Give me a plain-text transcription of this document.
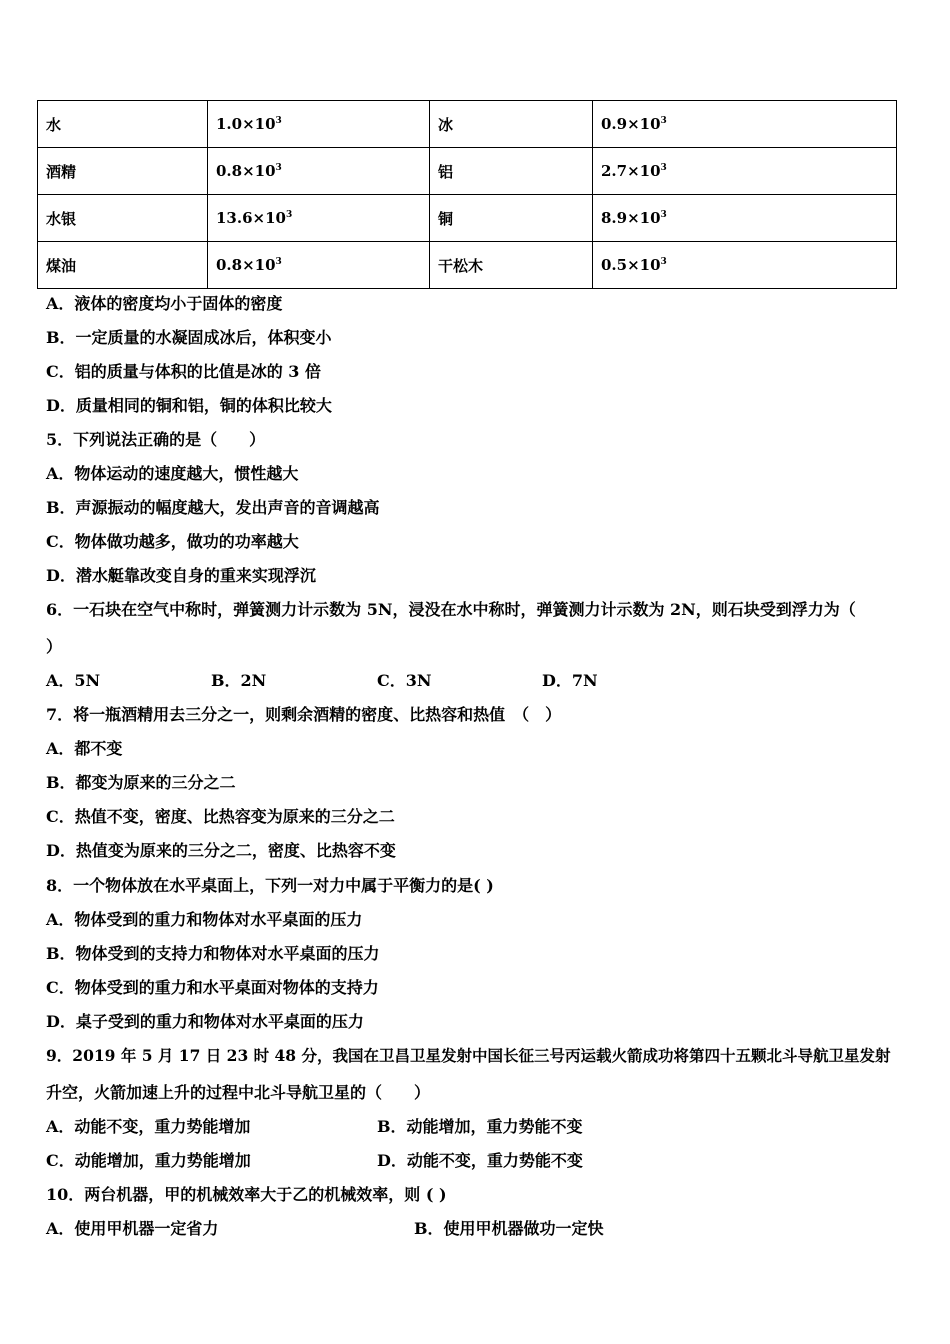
水	$1.0\times 10^3$	冰	$0.9\times 10^3$
酒精	$0.8\times 10^3$	铝	$2.7\times 10^3$
水银	$13.6\times 10^3$	铜	$8.9\times 10^3$
煤油	$0.8\times 10^3$	干松木	$0.5\times 10^3$
A．液体的密度均小于固体的密度
B．一定质量的水凝固成冰后，体积变小
C．铝的质量与体积的比值是冰的 3 倍
D．质量相同的铜和铝，铜的体积比较大
5．下列说法正确的是（　　）
A．物体运动的速度越大，惯性越大
B．声源振动的幅度越大，发出声音的音调越高
C．物体做功越多，做功的功率越大
D．潜水艇靠改变自身的重来实现浮沉
6．一石块在空气中称时，弹簧测力计示数为 5N，浸没在水中称时，弹簧测力计示数为 2N，则石块受到浮力为（
）
A．5N	B．2N	C．3N	D．7N
7．将一瓶酒精用去三分之一，则剩余酒精的密度、比热容和热值　（　）
A．都不变
B．都变为原来的三分之二
C．热值不变，密度、比热容变为原来的三分之二
D．热值变为原来的三分之二，密度、比热容不变
8．一个物体放在水平桌面上，下列一对力中属于平衡力的是( )
A．物体受到的重力和物体对水平桌面的压力
B．物体受到的支持力和物体对水平桌面的压力
C．物体受到的重力和水平桌面对物体的支持力
D．桌子受到的重力和物体对水平桌面的压力
9．2019 年 5 月 17 日 23 时 48 分，我国在卫昌卫星发射中国长征三号丙运载火箭成功将第四十五颗北斗导航卫星发射
升空，火箭加速上升的过程中北斗导航卫星的（　　）
A．动能不变，重力势能增加	B．动能增加，重力势能不变
C．动能增加，重力势能增加	D．动能不变，重力势能不变
10．两台机器，甲的机械效率大于乙的机械效率，则 ( )
A．使用甲机器一定省力	B．使用甲机器做功一定快
